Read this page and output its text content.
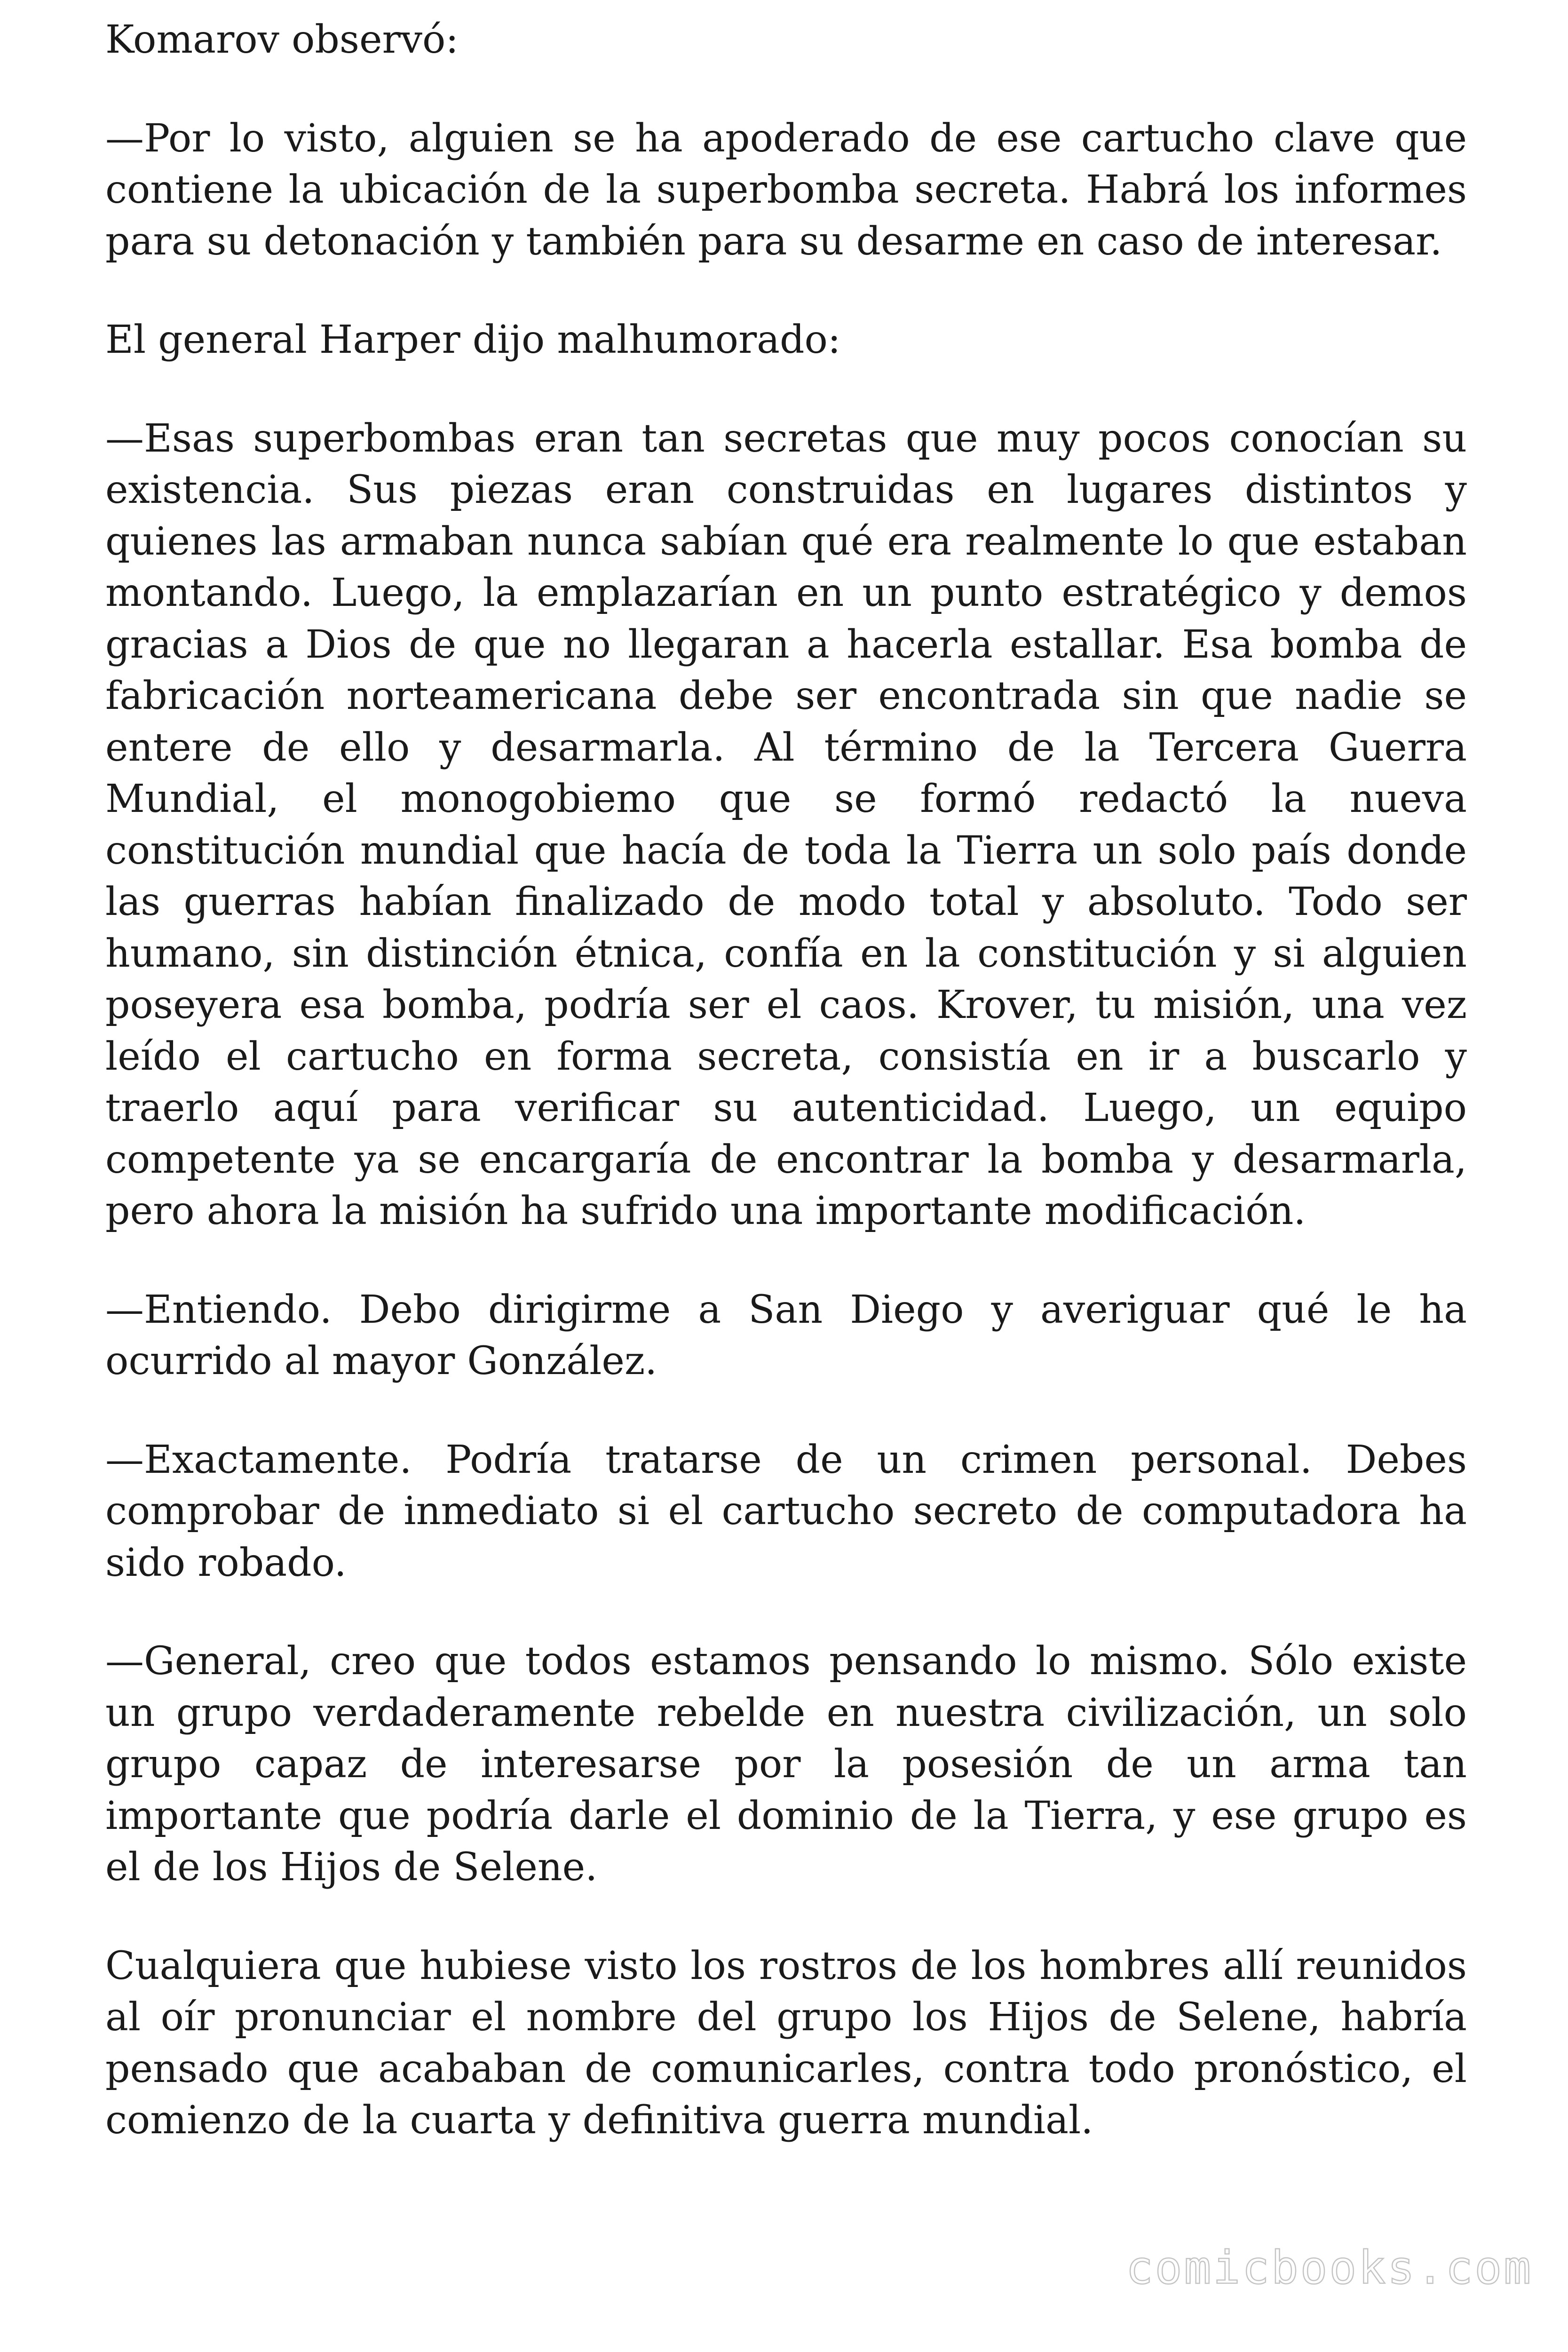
Komarov observó:

—Por lo visto, alguien se ha apoderado de ese cartucho clave que contiene la ubicación de la superbomba secreta. Habrá los informes para su detonación y también para su desarme en caso de interesar.

El general Harper dijo malhumorado:

—Esas superbombas eran tan secretas que muy pocos conocían su existencia. Sus piezas eran construidas en lugares distintos y quienes las armaban nunca sabían qué era realmente lo que estaban montando. Luego, la emplazarían en un punto estratégico y demos gracias a Dios de que no llegaran a hacerla estallar. Esa bomba de fabricación norteamericana debe ser encontrada sin que nadie se entere de ello y desarmarla. Al término de la Tercera Guerra Mundial, el monogobiemo que se formó redactó la nueva constitución mundial que hacía de toda la Tierra un solo país donde las guerras habían finalizado de modo total y absoluto. Todo ser humano, sin distinción étnica, confía en la constitución y si alguien poseyera esa bomba, podría ser el caos. Krover, tu misión, una vez leído el cartucho en forma secreta, consistía en ir a buscarlo y traerlo aquí para verificar su autenticidad. Luego, un equipo competente ya se encargaría de encontrar la bomba y desarmarla, pero ahora la misión ha sufrido una importante modificación.

—Entiendo. Debo dirigirme a San Diego y averiguar qué le ha ocurrido al mayor González.

—Exactamente. Podría tratarse de un crimen personal. Debes comprobar de inmediato si el cartucho secreto de computadora ha sido robado.

—General, creo que todos estamos pensando lo mismo. Sólo existe un grupo verdaderamente rebelde en nuestra civilización, un solo grupo capaz de interesarse por la posesión de un arma tan importante que podría darle el dominio de la Tierra, y ese grupo es el de los Hijos de Selene.

Cualquiera que hubiese visto los rostros de los hombres allí reunidos al oír pronunciar el nombre del grupo los Hijos de Selene, habría pensado que acababan de comunicarles, contra todo pronóstico, el comienzo de la cuarta y definitiva guerra mundial.

comicbooks.com
